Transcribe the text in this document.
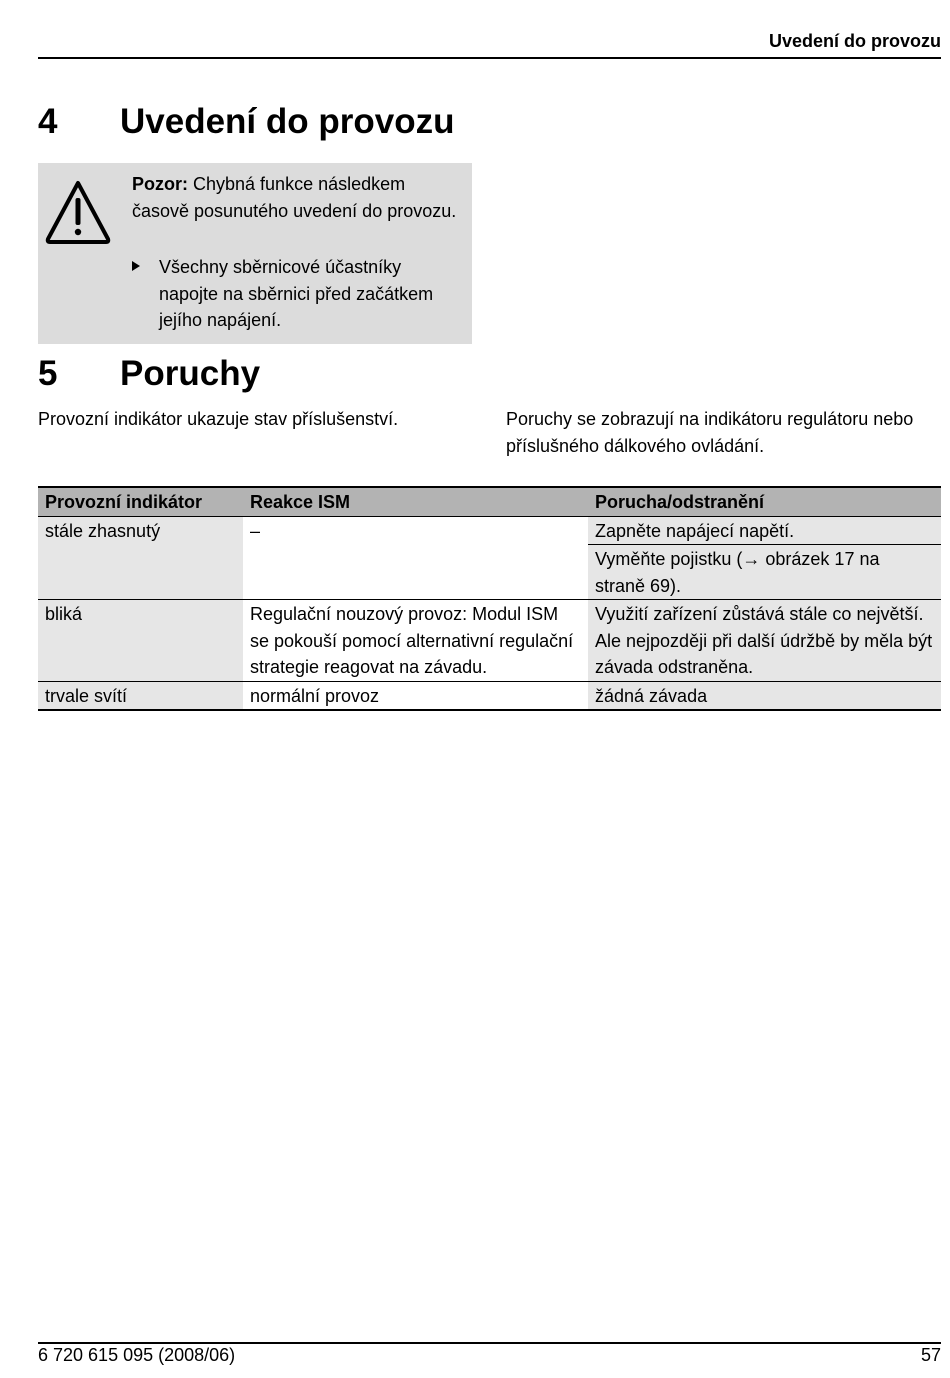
Uvedení do provozu
4 Uvedení do provozu
Pozor: Chybná funkce následkem časově posunutého uvedení do provozu.
Všechny sběrnicové účastníky napojte na sběrnici před začátkem jejího napájení.
5 Poruchy
Provozní indikátor ukazuje stav příslušenství.	Poruchy se zobrazují na indikátoru regulátoru nebo příslušného dálkového ovládání.
Provozní indikátor	Reakce ISM	Porucha/odstranění
stále zhasnutý	–	Zapněte napájecí napětí.
		Vyměňte pojistku (→ obrázek 17 na straně 69).
bliká	Regulační nouzový provoz: Modul ISM se pokouší pomocí alternativní regulační strategie reagovat na závadu.	Využití zařízení zůstává stále co největší. Ale nejpozději při další údržbě by měla být závada odstraněna.
trvale svítí	normální provoz	žádná závada
6 720 615 095 (2008/06)	57
